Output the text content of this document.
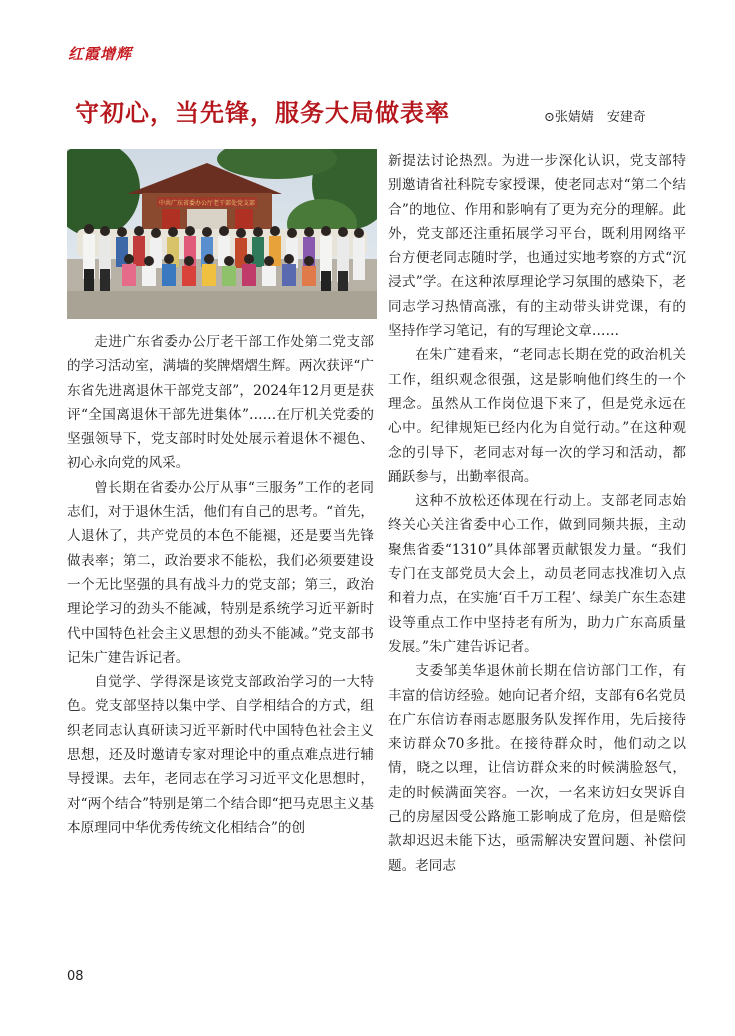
红霞增辉
守初心，当先锋，服务大局做表率	⊙张婧婧　安建奇
中共广东省委办公厅老干部处党支部

走进广东省委办公厅老干部工作处第二党支部的学习活动室，满墙的奖牌熠熠生辉。两次获评“广东省先进离退休干部党支部”，2024年12月更是获评“全国离退休干部先进集体”……在厅机关党委的坚强领导下，党支部时时处处展示着退休不褪色、初心永向党的风采。

曾长期在省委办公厅从事“三服务”工作的老同志们，对于退休生活，他们有自己的思考。“首先，人退休了，共产党员的本色不能褪，还是要当先锋做表率；第二，政治要求不能松，我们必须要建设一个无比坚强的具有战斗力的党支部；第三，政治理论学习的劲头不能减，特别是系统学习近平新时代中国特色社会主义思想的劲头不能减。”党支部书记朱广建告诉记者。

自觉学、学得深是该党支部政治学习的一大特色。党支部坚持以集中学、自学相结合的方式，组织老同志认真研读习近平新时代中国特色社会主义思想，还及时邀请专家对理论中的重点难点进行辅导授课。去年，老同志在学习习近平文化思想时，对“两个结合”特别是第二个结合即“把马克思主义基本原理同中华优秀传统文化相结合”的创

新提法讨论热烈。为进一步深化认识，党支部特别邀请省社科院专家授课，使老同志对“第二个结合”的地位、作用和影响有了更为充分的理解。此外，党支部还注重拓展学习平台，既利用网络平台方便老同志随时学，也通过实地考察的方式“沉浸式”学。在这种浓厚理论学习氛围的感染下，老同志学习热情高涨，有的主动带头讲党课，有的坚持作学习笔记，有的写理论文章……

在朱广建看来，“老同志长期在党的政治机关工作，组织观念很强，这是影响他们终生的一个理念。虽然从工作岗位退下来了，但是党永远在心中。纪律规矩已经内化为自觉行动。”在这种观念的引导下，老同志对每一次的学习和活动，都踊跃参与，出勤率很高。

这种不放松还体现在行动上。支部老同志始终关心关注省委中心工作，做到同频共振，主动聚焦省委“1310”具体部署贡献银发力量。“我们专门在支部党员大会上，动员老同志找准切入点和着力点，在实施‘百千万工程’、绿美广东生态建设等重点工作中坚持老有所为，助力广东高质量发展。”朱广建告诉记者。

支委邹美华退休前长期在信访部门工作，有丰富的信访经验。她向记者介绍，支部有6名党员在广东信访春雨志愿服务队发挥作用，先后接待来访群众70多批。在接待群众时，他们动之以情，晓之以理，让信访群众来的时候满脸怒气，走的时候满面笑容。一次，一名来访妇女哭诉自己的房屋因受公路施工影响成了危房，但是赔偿款却迟迟未能下达，亟需解决安置问题、补偿问题。老同志

08
